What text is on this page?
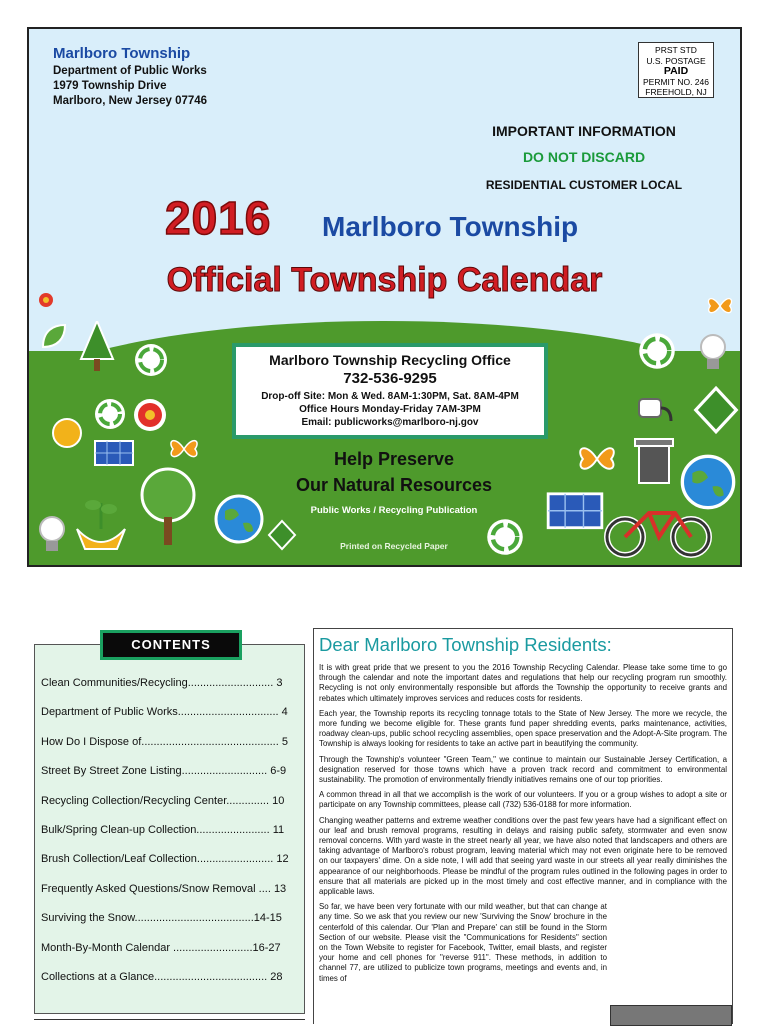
Marlboro Township
Department of Public Works
1979 Township Drive
Marlboro, New Jersey 07746
PRST STD
U.S. POSTAGE
PAID
PERMIT NO. 246
FREEHOLD, NJ
IMPORTANT INFORMATION
DO NOT DISCARD
RESIDENTIAL CUSTOMER LOCAL
2016 Marlboro Township
Official Township Calendar
Marlboro Township Recycling Office
732-536-9295
Drop-off Site: Mon & Wed. 8AM-1:30PM, Sat. 8AM-4PM
Office Hours Monday-Friday 7AM-3PM
Email: publicworks@marlboro-nj.gov
Help Preserve
Our Natural Resources
Public Works / Recycling Publication
Printed on Recycled Paper
Clean Communities/Recycling............................ 3
Department of Public Works................................. 4
How Do I Dispose of............................................. 5
Street By Street Zone Listing............................ 6-9
Recycling Collection/Recycling Center.............. 10
Bulk/Spring Clean-up Collection........................ 11
Brush Collection/Leaf Collection......................... 12
Frequently Asked Questions/Snow Removal .... 13
Surviving the Snow.......................................14-15
Month-By-Month Calendar ..........................16-27
Collections at a Glance..................................... 28
CONTENTS	Dear Marlboro Township Residents:

It is with great pride that we present to you the 2016 Township Recycling Calendar. Please take some time to go through the calendar and note the important dates and regulations that help our recycling program run smoothly. Recycling is not only environmentally responsible but affords the Township the opportunity to receive grants and rebates which ultimately improves services and reduces costs for residents.

Each year, the Township reports its recycling tonnage totals to the State of New Jersey. The more we recycle, the more funding we become eligible for. These grants fund paper shredding events, parks maintenance, activities, roadway clean-ups, public school recycling assemblies, open space preservation and the Adopt-A-Site program. The Township is always looking for residents to take an active part in beautifying the community.

Through the Township's volunteer "Green Team," we continue to maintain our Sustainable Jersey Certification, a designation reserved for those towns which have a proven track record and commitment to environmental sustainability. The promotion of environmentally friendly initiatives remains one of our top priorities.

A common thread in all that we accomplish is the work of our volunteers. If you or a group wishes to adopt a site or participate on any Township committees, please call (732) 536-0188 for more information.

Changing weather patterns and extreme weather conditions over the past few years have had a significant effect on our leaf and brush removal programs, resulting in delays and raising public safety, stormwater and even snow removal concerns. With yard waste in the street nearly all year, we have also noted that landscapers and others are taking advantage of Marlboro's robust program, leaving material which may not even originate here to be removed on our taxpayers' dime. On a side note, I will add that seeing yard waste in our streets all year really diminishes the appearance of our neighborhoods. Please be mindful of the program rules outlined in the following pages in order to ensure that all materials are picked up in the most timely and cost effective manner, and in compliance with the applicable laws.

So far, we have been very fortunate with our mild weather, but that can change at any time. So we ask that you review our new 'Surviving the Snow' brochure in the centerfold of this calendar. Our 'Plan and Prepare' can still be found in the Storm Section of our website. Please visit the "Communications for Residents" section on the Town Website to register for Facebook, Twitter, email blasts, and register your home and cell phones for "reverse 911". These methods, in addition to channel 77, are utilized to publicize town programs, meetings and events and, in times of
